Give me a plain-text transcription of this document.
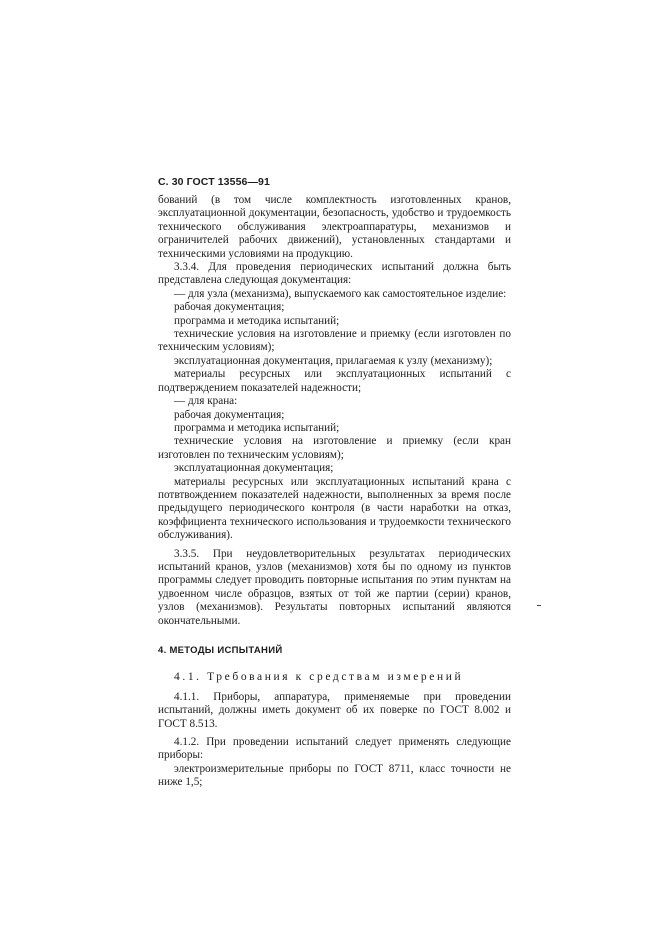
С. 30 ГОСТ 13556—91

бований (в том числе комплектность изготовленных кранов, эксплуатационной документации, безопасность, удобство и трудоемкость технического обслуживания электроаппаратуры, механизмов и ограничителей рабочих движений), установленных стандартами и техническими условиями на продукцию.

3.3.4. Для проведения периодических испытаний должна быть представлена следующая документация:

— для узла (механизма), выпускаемого как самостоятельное изделие:

рабочая документация;

программа и методика испытаний;

технические условия на изготовление и приемку (если изготовлен по техническим условиям);

эксплуатационная документация, прилагаемая к узлу (механизму);

материалы ресурсных или эксплуатационных испытаний с подтверждением показателей надежности;

— для крана:

рабочая документация;

программа и методика испытаний;

технические условия на изготовление и приемку (если кран изготовлен по техническим условиям);

эксплуатационная документация;

материалы ресурсных или эксплуатационных испытаний крана с потвтвождением показателей надежности, выполненных за время после предыдущего периодического контроля (в части наработки на отказ, коэффициента технического использования и трудоемкости технического обслуживания).

3.3.5. При неудовлетворительных результатах периодических испытаний кранов, узлов (механизмов) хотя бы по одному из пунктов программы следует проводить повторные испытания по этим пунктам на удвоенном числе образцов, взятых от той же партии (серии) кранов, узлов (механизмов). Результаты повторных испытаний являются окончательными.

4. МЕТОДЫ ИСПЫТАНИЙ

4.1. Требования к средствам измерений

4.1.1. Приборы, аппаратура, применяемые при проведении испытаний, должны иметь документ об их поверке по ГОСТ 8.002 и ГОСТ 8.513.

4.1.2. При проведении испытаний следует применять следующие приборы:

электроизмерительные приборы по ГОСТ 8711, класс точности не ниже 1,5;
